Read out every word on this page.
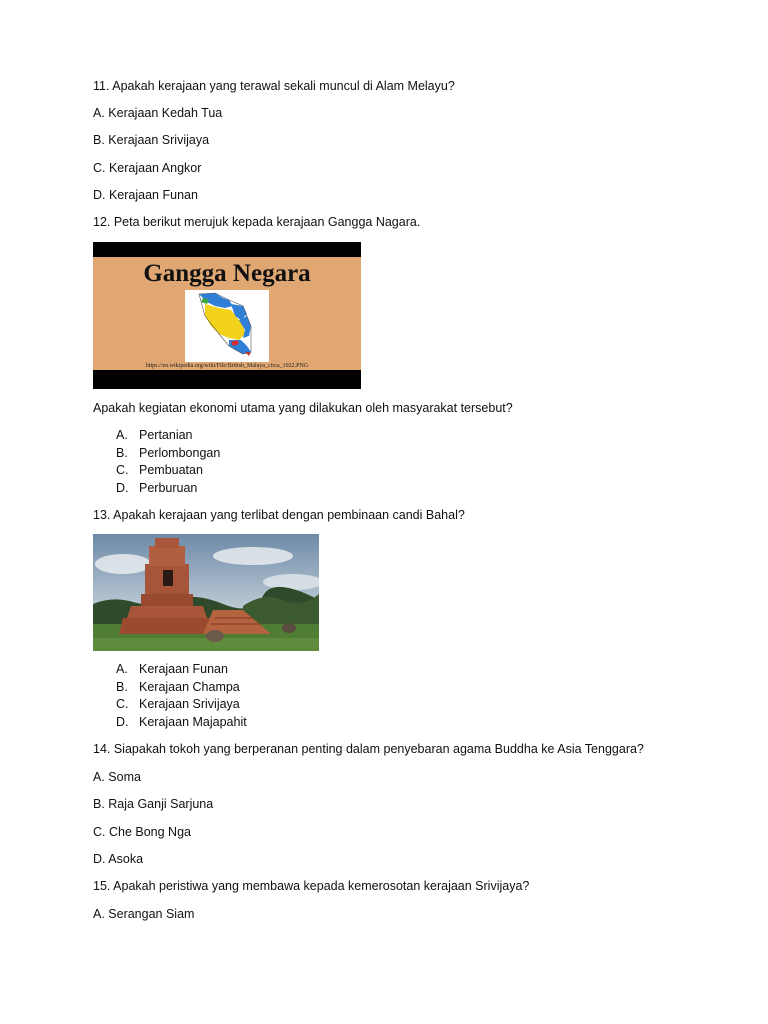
11. Apakah kerajaan yang terawal sekali muncul di Alam Melayu?
A. Kerajaan Kedah Tua
B. Kerajaan Srivijaya
C. Kerajaan Angkor
D. Kerajaan Funan
12. Peta berikut merujuk kepada kerajaan Gangga Nagara.
Gangga Negara
https://en.wikipedia.org/wiki/File:British_Malaya_circa_1922.PNG
Apakah kegiatan ekonomi utama yang dilakukan oleh masyarakat tersebut?
A. Pertanian
B. Perlombongan
C. Pembuatan
D. Perburuan
13. Apakah kerajaan yang terlibat dengan pembinaan candi Bahal?
A. Kerajaan Funan
B. Kerajaan Champa
C. Kerajaan Srivijaya
D. Kerajaan Majapahit
14. Siapakah tokoh yang berperanan penting dalam penyebaran agama Buddha ke Asia Tenggara?
A. Soma
B. Raja Ganji Sarjuna
C. Che Bong Nga
D. Asoka
15. Apakah peristiwa yang membawa kepada kemerosotan kerajaan Srivijaya?
A. Serangan Siam
